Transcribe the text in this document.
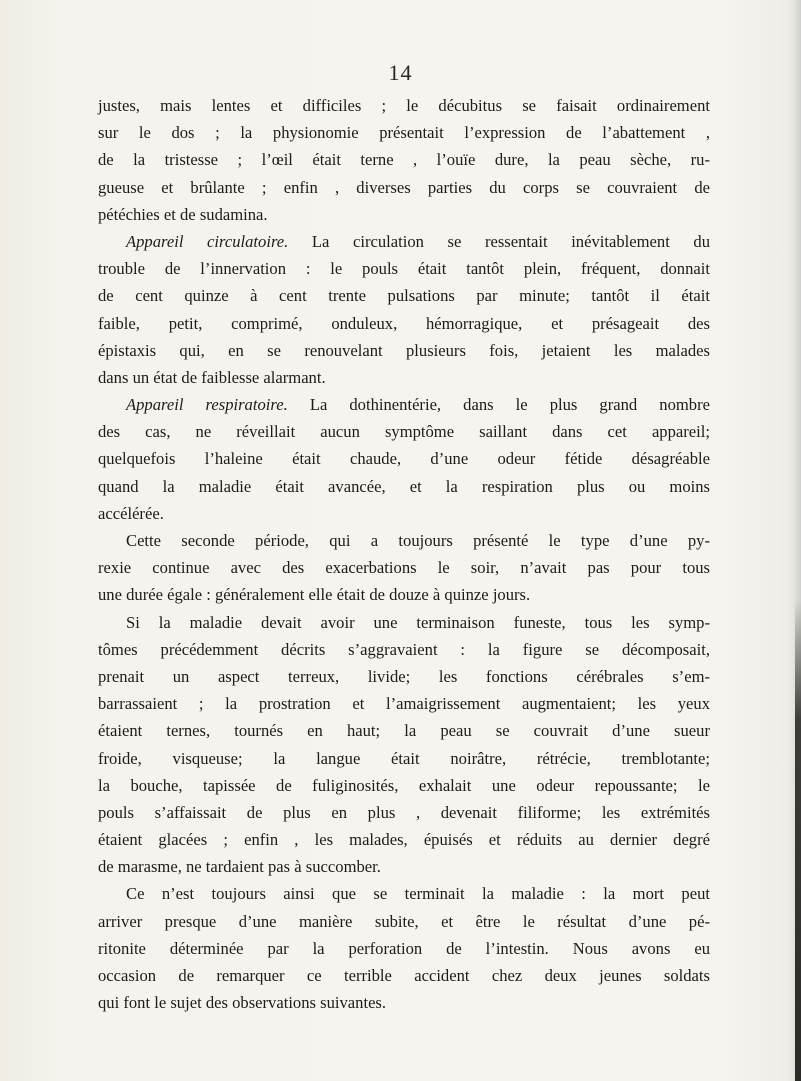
14
justes, mais lentes et difficiles ; le décubitus se faisait ordinairement
sur le dos ; la physionomie présentait l’expression de l’abattement ,
de la tristesse ; l’œil était terne , l’ouïe dure, la peau sèche, ru-
gueuse et brûlante ; enfin , diverses parties du corps se couvraient de
pétéchies et de sudamina.
Appareil circulatoire. La circulation se ressentait inévitablement du
trouble de l’innervation : le pouls était tantôt plein, fréquent, donnait
de cent quinze à cent trente pulsations par minute; tantôt il était
faible, petit, comprimé, onduleux, hémorragique, et présageait des
épistaxis qui, en se renouvelant plusieurs fois, jetaient les malades
dans un état de faiblesse alarmant.
Appareil respiratoire. La dothinentérie, dans le plus grand nombre
des cas, ne réveillait aucun symptôme saillant dans cet appareil;
quelquefois l’haleine était chaude, d’une odeur fétide désagréable
quand la maladie était avancée, et la respiration plus ou moins
accélérée.
Cette seconde période, qui a toujours présenté le type d’une py-
rexie continue avec des exacerbations le soir, n’avait pas pour tous
une durée égale : généralement elle était de douze à quinze jours.
Si la maladie devait avoir une terminaison funeste, tous les symp-
tômes précédemment décrits s’aggravaient : la figure se décomposait,
prenait un aspect terreux, livide; les fonctions cérébrales s’em-
barrassaient ; la prostration et l’amaigrissement augmentaient; les yeux
étaient ternes, tournés en haut; la peau se couvrait d’une sueur
froide, visqueuse; la langue était noirâtre, rétrécie, tremblotante;
la bouche, tapissée de fuliginosités, exhalait une odeur repoussante; le
pouls s’affaissait de plus en plus , devenait filiforme; les extrémités
étaient glacées ; enfin , les malades, épuisés et réduits au dernier degré
de marasme, ne tardaient pas à succomber.
Ce n’est toujours ainsi que se terminait la maladie : la mort peut
arriver presque d’une manière subite, et être le résultat d’une pé-
ritonite déterminée par la perforation de l’intestin. Nous avons eu
occasion de remarquer ce terrible accident chez deux jeunes soldats
qui font le sujet des observations suivantes.
